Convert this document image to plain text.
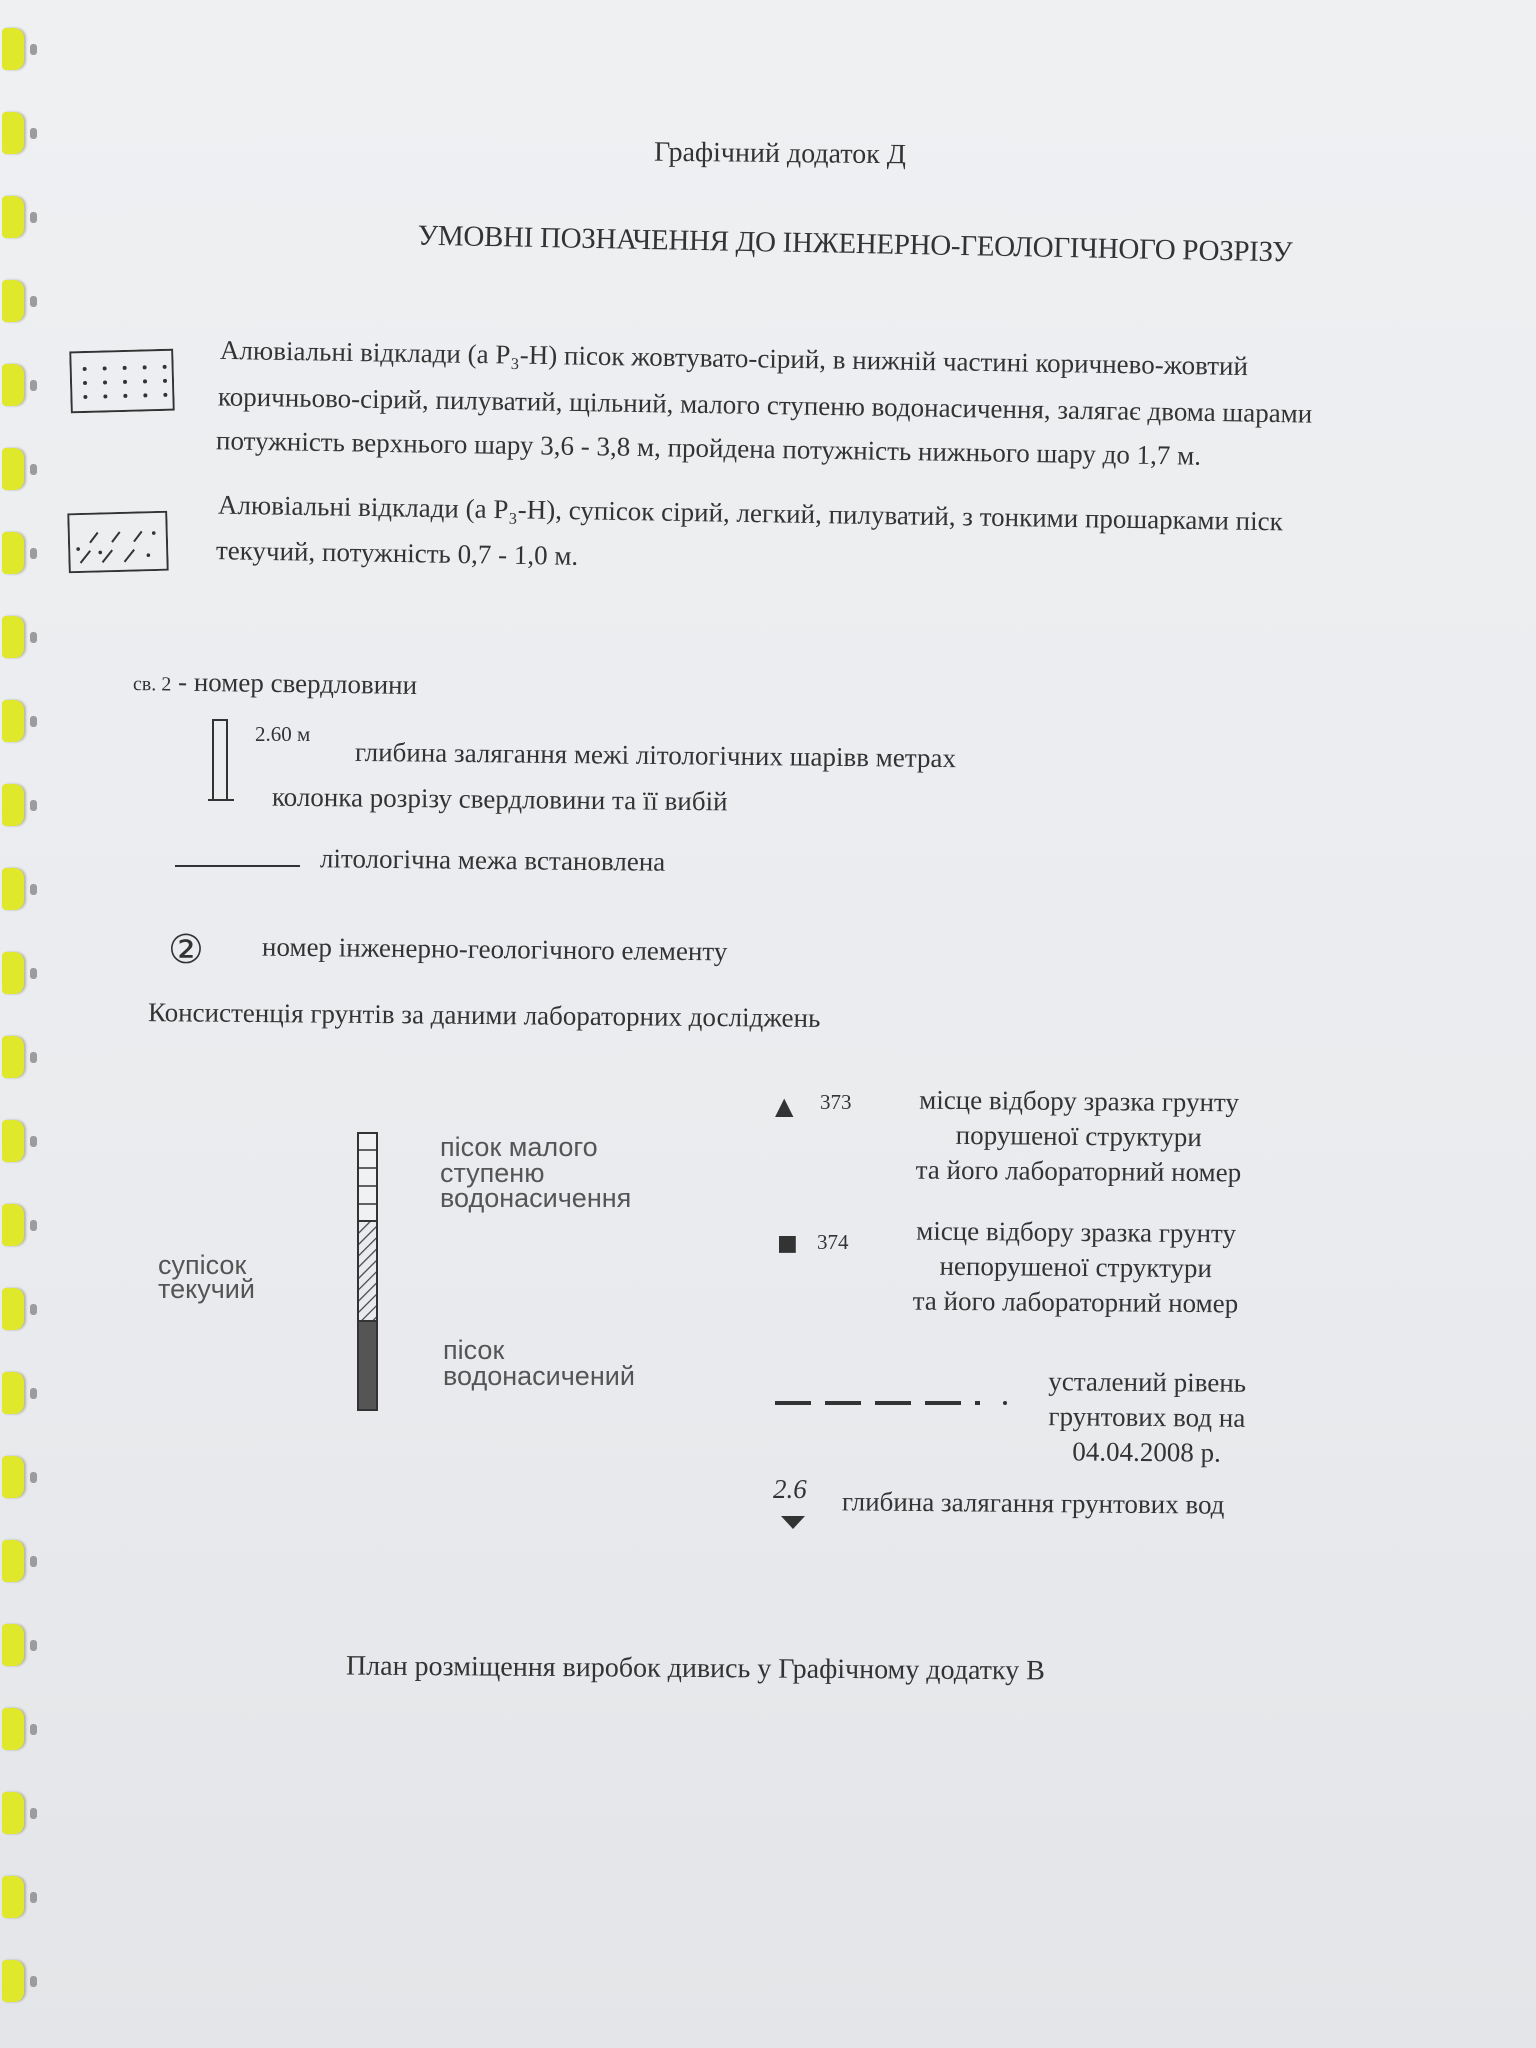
Графічний додаток Д
УМОВНІ ПОЗНАЧЕННЯ ДО ІНЖЕНЕРНО-ГЕОЛОГІЧНОГО РОЗРІЗУ
Алювіальні відклади (а Р₃-Н) пісок жовтувато-сірий, в нижній частині коричнево-жовтий
коричньово-сірий, пилуватий, щільний, малого ступеню водонасичення, залягає двома шарами
потужність верхнього шару 3,6 - 3,8 м, пройдена потужність нижнього шару до 1,7 м.
Алювіальні відклади (а Р₃-Н), супісок сірий, легкий, пилуватий, з тонкими прошарками піск
текучий, потужність 0,7 - 1,0 м.
св. 2 - номер свердловини
2.60 м
глибина залягання межі літологічних шарівв метрах
колонка розрізу свердловини та її вибій
літологічна межа встановлена
② номер інженерно-геологічного елементу
Консистенція грунтів за даними лабораторних досліджень
супісок
текучий
пісок малого
ступеню
водонасичення
пісок
водонасичений
▲ 373	місце відбору зразка грунту
порушеної структури
та його лабораторний номер
■ 374	місце відбору зразка грунту
непорушеної структури
та його лабораторний номер
усталений рівень
грунтових вод на
04.04.2008 р.
2.6 глибина залягання грунтових вод
План розміщення виробок дивись у Графічному додатку В
